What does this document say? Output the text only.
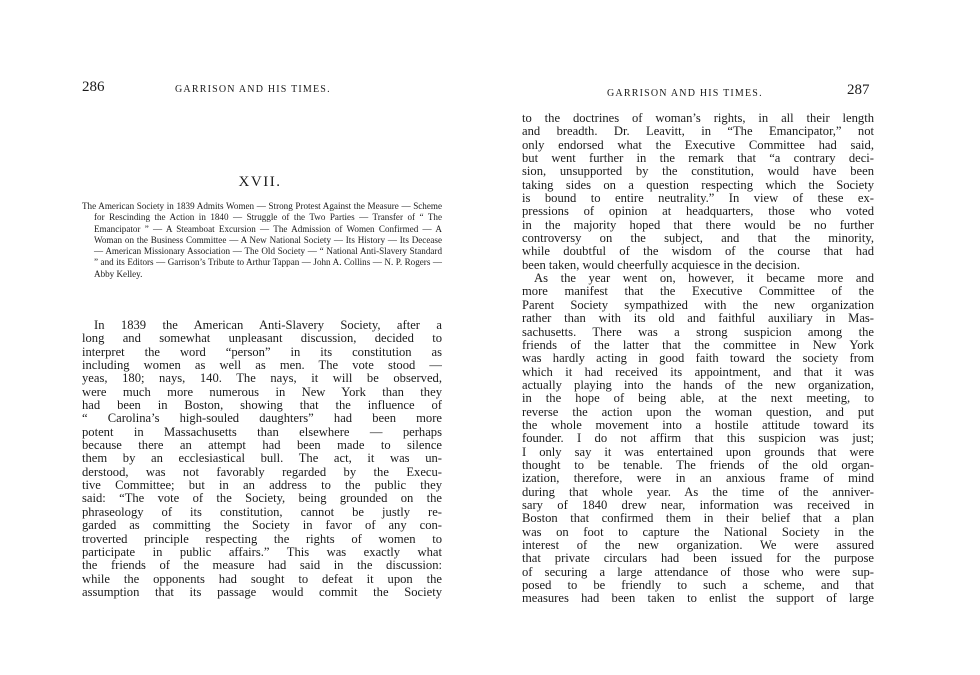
286	GARRISON AND HIS TIMES.
XVII.
The American Society in 1839 Admits Women — Strong Protest Against the Measure — Scheme for Rescinding the Action in 1840 — Struggle of the Two Parties — Transfer of “ The Emancipator ” — A Steamboat Excursion — The Admission of Women Confirmed — A Woman on the Business Committee — A New National Society — Its History — Its Decease — American Missionary Association — The Old Society — “ National Anti-Slavery Standard ” and its Editors — Garrison’s Tribute to Arthur Tappan — John A. Collins — N. P. Rogers — Abby Kelley.
In 1839 the American Anti-Slavery Society, after a
long and somewhat unpleasant discussion, decided to
interpret the word “person” in its constitution as
including women as well as men. The vote stood —
yeas, 180; nays, 140. The nays, it will be observed,
were much more numerous in New York than they
had been in Boston, showing that the influence of
“ Carolina’s high-souled daughters” had been more
potent in Massachusetts than elsewhere — perhaps
because there an attempt had been made to silence
them by an ecclesiastical bull. The act, it was un-
derstood, was not favorably regarded by the Execu-
tive Committee; but in an address to the public they
said: “The vote of the Society, being grounded on the
phraseology of its constitution, cannot be justly re-
garded as committing the Society in favor of any con-
troverted principle respecting the rights of women to
participate in public affairs.” This was exactly what
the friends of the measure had said in the discussion:
while the opponents had sought to defeat it upon the
assumption that its passage would commit the Society
GARRISON AND HIS TIMES.	287
to the doctrines of woman’s rights, in all their length
and breadth. Dr. Leavitt, in “The Emancipator,” not
only endorsed what the Executive Committee had said,
but went further in the remark that “a contrary deci-
sion, unsupported by the constitution, would have been
taking sides on a question respecting which the Society
is bound to entire neutrality.” In view of these ex-
pressions of opinion at headquarters, those who voted
in the majority hoped that there would be no further
controversy on the subject, and that the minority,
while doubtful of the wisdom of the course that had
been taken, would cheerfully acquiesce in the decision.
As the year went on, however, it became more and
more manifest that the Executive Committee of the
Parent Society sympathized with the new organization
rather than with its old and faithful auxiliary in Mas-
sachusetts. There was a strong suspicion among the
friends of the latter that the committee in New York
was hardly acting in good faith toward the society from
which it had received its appointment, and that it was
actually playing into the hands of the new organization,
in the hope of being able, at the next meeting, to
reverse the action upon the woman question, and put
the whole movement into a hostile attitude toward its
founder. I do not affirm that this suspicion was just;
I only say it was entertained upon grounds that were
thought to be tenable. The friends of the old organ-
ization, therefore, were in an anxious frame of mind
during that whole year. As the time of the anniver-
sary of 1840 drew near, information was received in
Boston that confirmed them in their belief that a plan
was on foot to capture the National Society in the
interest of the new organization. We were assured
that private circulars had been issued for the purpose
of securing a large attendance of those who were sup-
posed to be friendly to such a scheme, and that
measures had been taken to enlist the support of large
